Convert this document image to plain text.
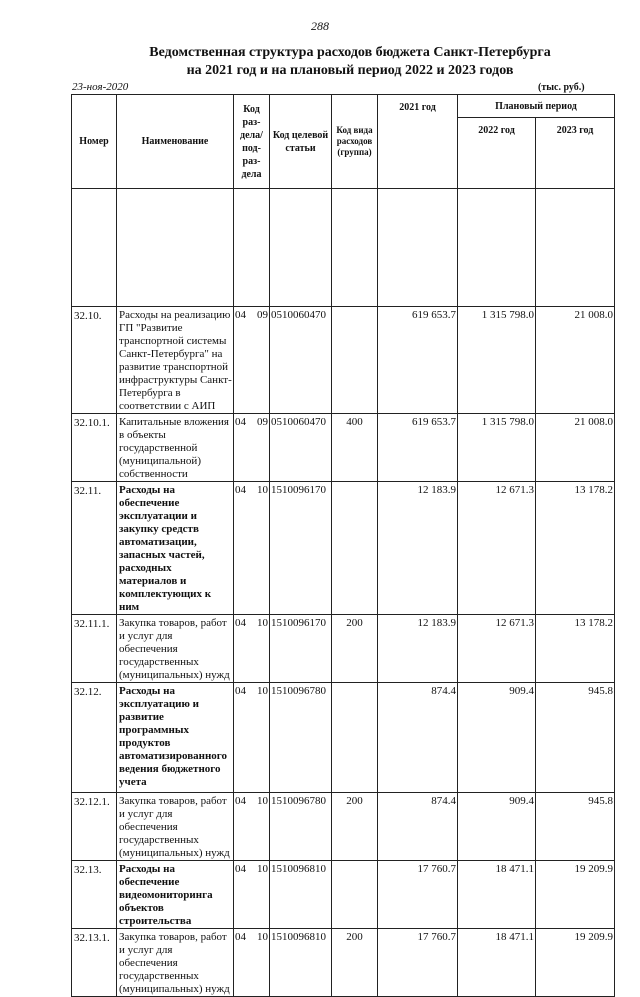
288
Ведомственная структура расходов бюджета Санкт-Петербурга
на 2021 год и на плановый период 2022 и 2023 годов
23-ноя-2020	(тыс. руб.)
Номер	Наименование	Код раз-дела/ под-раз-дела	Код целевой статьи	Код вида расходов (группа)	2021 год	Плановый период	
						2022 год	2023 год

32.10.	Расходы на реализацию ГП "Развитие транспортной системы Санкт-Петербурга" на развитие транспортной инфраструктуры Санкт-Петербурга в соответствии с АИП	04 09	0510060470		619 653.7	1 315 798.0	21 008.0
32.10.1.	Капитальные вложения в объекты государственной (муниципальной) собственности	04 09	0510060470	400	619 653.7	1 315 798.0	21 008.0
32.11.	Расходы на обеспечение эксплуатации и закупку средств автоматизации, запасных частей, расходных материалов и комплектующих к ним	04 10	1510096170		12 183.9	12 671.3	13 178.2
32.11.1.	Закупка товаров, работ и услуг для обеспечения государственных (муниципальных) нужд	04 10	1510096170	200	12 183.9	12 671.3	13 178.2
32.12.	Расходы на эксплуатацию и развитие программных продуктов автоматизированного ведения бюджетного учета	04 10	1510096780		874.4	909.4	945.8
32.12.1.	Закупка товаров, работ и услуг для обеспечения государственных (муниципальных) нужд	04 10	1510096780	200	874.4	909.4	945.8
32.13.	Расходы на обеспечение видеомониторинга объектов строительства	04 10	1510096810		17 760.7	18 471.1	19 209.9
32.13.1.	Закупка товаров, работ и услуг для обеспечения государственных (муниципальных) нужд	04 10	1510096810	200	17 760.7	18 471.1	19 209.9
